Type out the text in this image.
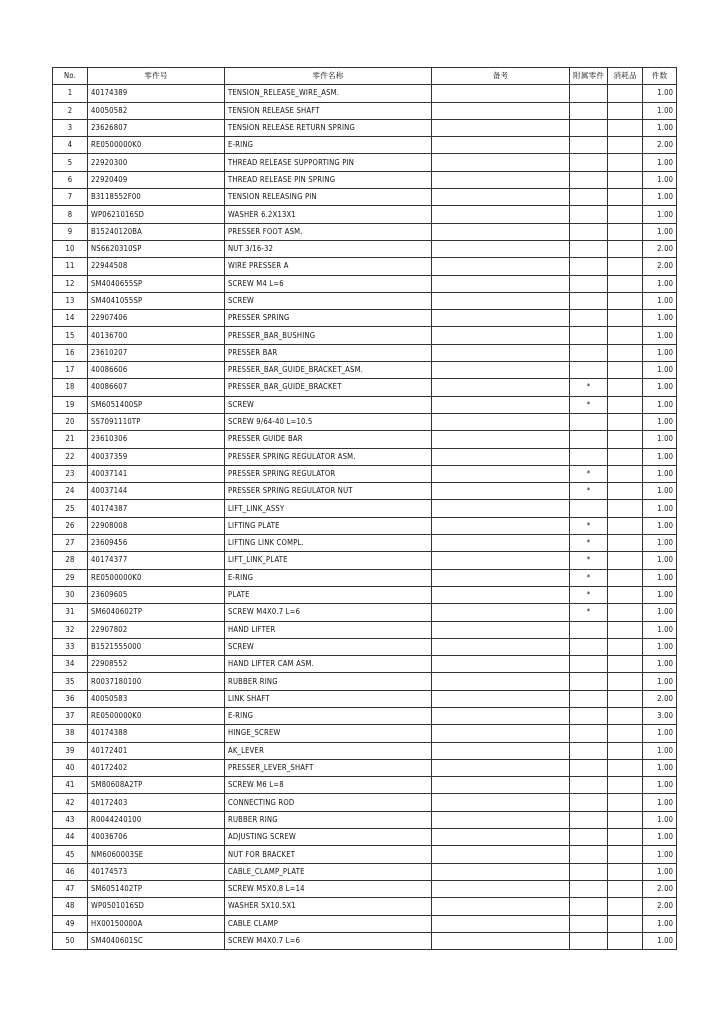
No.	零件号	零件名称	备考	附属零件	消耗品	件数
1	40174389	TENSION_RELEASE_WIRE_ASM.				1.00
2	40050582	TENSION RELEASE SHAFT				1.00
3	23626807	TENSION RELEASE RETURN SPRING				1.00
4	RE0500000K0	E-RING				2.00
5	22920300	THREAD RELEASE SUPPORTING PIN				1.00
6	22920409	THREAD RELEASE PIN SPRING				1.00
7	B3118552F00	TENSION RELEASING PIN				1.00
8	WP0621016SD	WASHER 6.2X13X1				1.00
9	B15240120BA	PRESSER FOOT ASM.				1.00
10	NS6620310SP	NUT 3/16-32				2.00
11	22944508	WIRE PRESSER A				2.00
12	SM4040655SP	SCREW M4 L=6				1.00
13	SM4041055SP	SCREW				1.00
14	22907406	PRESSER SPRING				1.00
15	40136700	PRESSER_BAR_BUSHING				1.00
16	23610207	PRESSER BAR				1.00
17	40086606	PRESSER_BAR_GUIDE_BRACKET_ASM.				1.00
18	40086607	PRESSER_BAR_GUIDE_BRACKET		*		1.00
19	SM6051400SP	SCREW		*		1.00
20	SS7091110TP	SCREW 9/64-40 L=10.5				1.00
21	23610306	PRESSER GUIDE BAR				1.00
22	40037359	PRESSER SPRING REGULATOR ASM.				1.00
23	40037141	PRESSER SPRING REGULATOR		*		1.00
24	40037144	PRESSER SPRING REGULATOR NUT		*		1.00
25	40174387	LIFT_LINK_ASSY				1.00
26	22908008	LIFTING PLATE		*		1.00
27	23609456	LIFTING LINK COMPL.		*		1.00
28	40174377	LIFT_LINK_PLATE		*		1.00
29	RE0500000K0	E-RING		*		1.00
30	23609605	PLATE		*		1.00
31	SM6040602TP	SCREW M4X0.7 L=6		*		1.00
32	22907802	HAND LIFTER				1.00
33	B1521555000	SCREW				1.00
34	22908552	HAND LIFTER CAM ASM.				1.00
35	R0037180100	RUBBER RING				1.00
36	40050583	LINK SHAFT				2.00
37	RE0500000K0	E-RING				3.00
38	40174388	HINGE_SCREW				1.00
39	40172401	AK_LEVER				1.00
40	40172402	PRESSER_LEVER_SHAFT				1.00
41	SM80608A2TP	SCREW M6 L=8				1.00
42	40172403	CONNECTING ROD				1.00
43	R0044240100	RUBBER RING				1.00
44	40036706	ADJUSTING SCREW				1.00
45	NM6060003SE	NUT FOR BRACKET				1.00
46	40174573	CABLE_CLAMP_PLATE				1.00
47	SM6051402TP	SCREW M5X0.8 L=14				2.00
48	WP0501016SD	WASHER 5X10.5X1				2.00
49	HX00150000A	CABLE CLAMP				1.00
50	SM4040601SC	SCREW M4X0.7 L=6				1.00
